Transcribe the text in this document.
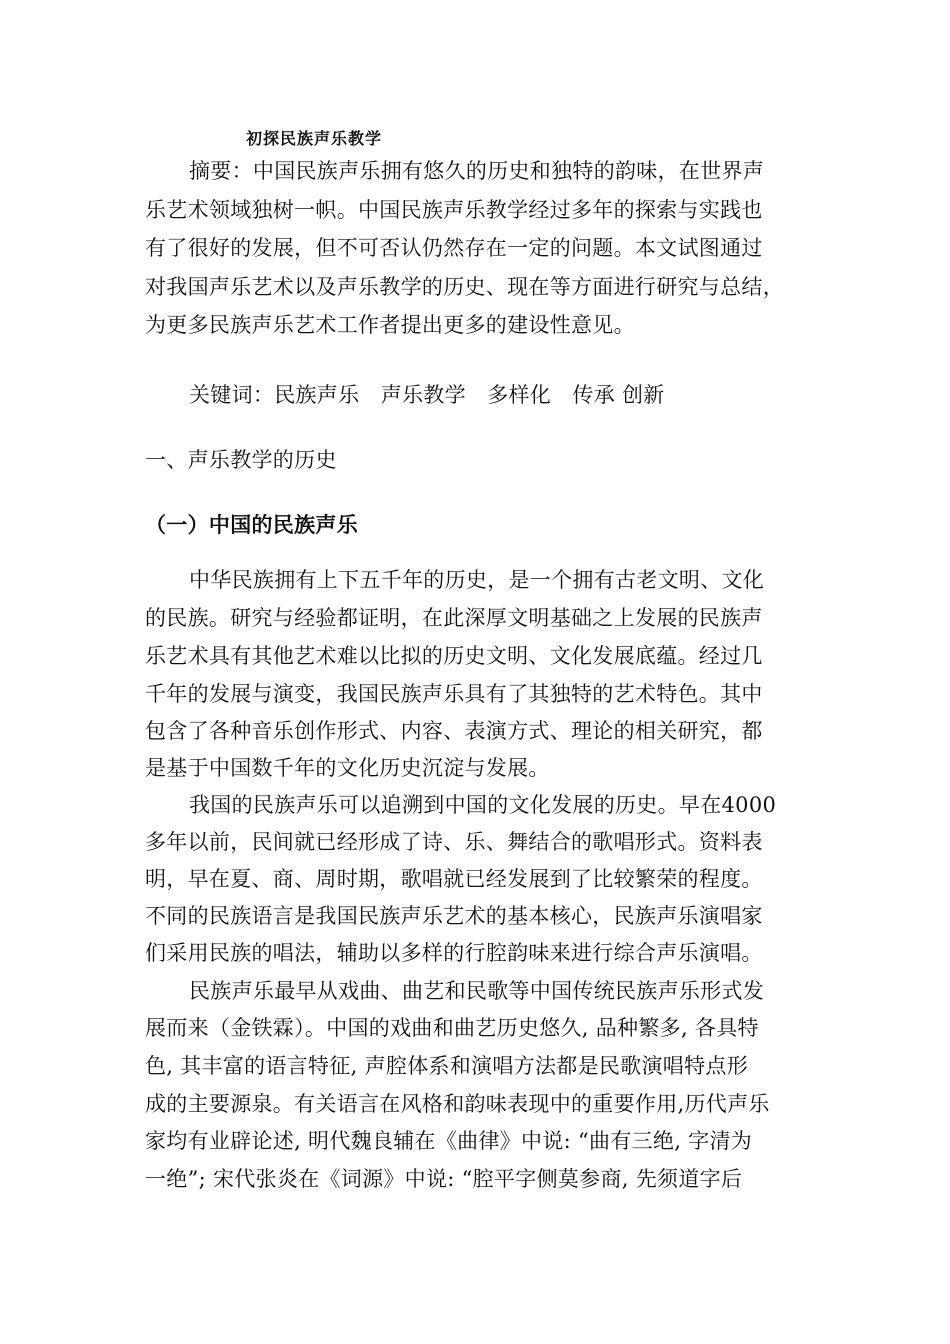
初探民族声乐教学
摘要：中国民族声乐拥有悠久的历史和独特的韵味，在世界声
乐艺术领域独树一帜。中国民族声乐教学经过多年的探索与实践也
有了很好的发展，但不可否认仍然存在一定的问题。本文试图通过
对我国声乐艺术以及声乐教学的历史、现在等方面进行研究与总结，
为更多民族声乐艺术工作者提出更多的建设性意见。
关键词：民族声乐　声乐教学　多样化　传承 创新
一、声乐教学的历史
（一）中国的民族声乐
中华民族拥有上下五千年的历史，是一个拥有古老文明、文化
的民族。研究与经验都证明，在此深厚文明基础之上发展的民族声
乐艺术具有其他艺术难以比拟的历史文明、文化发展底蕴。经过几
千年的发展与演变，我国民族声乐具有了其独特的艺术特色。其中
包含了各种音乐创作形式、内容、表演方式、理论的相关研究，都
是基于中国数千年的文化历史沉淀与发展。
我国的民族声乐可以追溯到中国的文化发展的历史。早在4000
多年以前，民间就已经形成了诗、乐、舞结合的歌唱形式。资料表
明，早在夏、商、周时期，歌唱就已经发展到了比较繁荣的程度。
不同的民族语言是我国民族声乐艺术的基本核心，民族声乐演唱家
们采用民族的唱法，辅助以多样的行腔韵味来进行综合声乐演唱。
民族声乐最早从戏曲、曲艺和民歌等中国传统民族声乐形式发
展而来（金铁霖）。中国的戏曲和曲艺历史悠久, 品种繁多, 各具特
色, 其丰富的语言特征, 声腔体系和演唱方法都是民歌演唱特点形
成的主要源泉。有关语言在风格和韵味表现中的重要作用,历代声乐
家均有业辟论述, 明代魏良辅在《曲律》中说: “曲有三绝, 字清为
一绝”; 宋代张炎在《词源》中说: “腔平字侧莫参商, 先须道字后
